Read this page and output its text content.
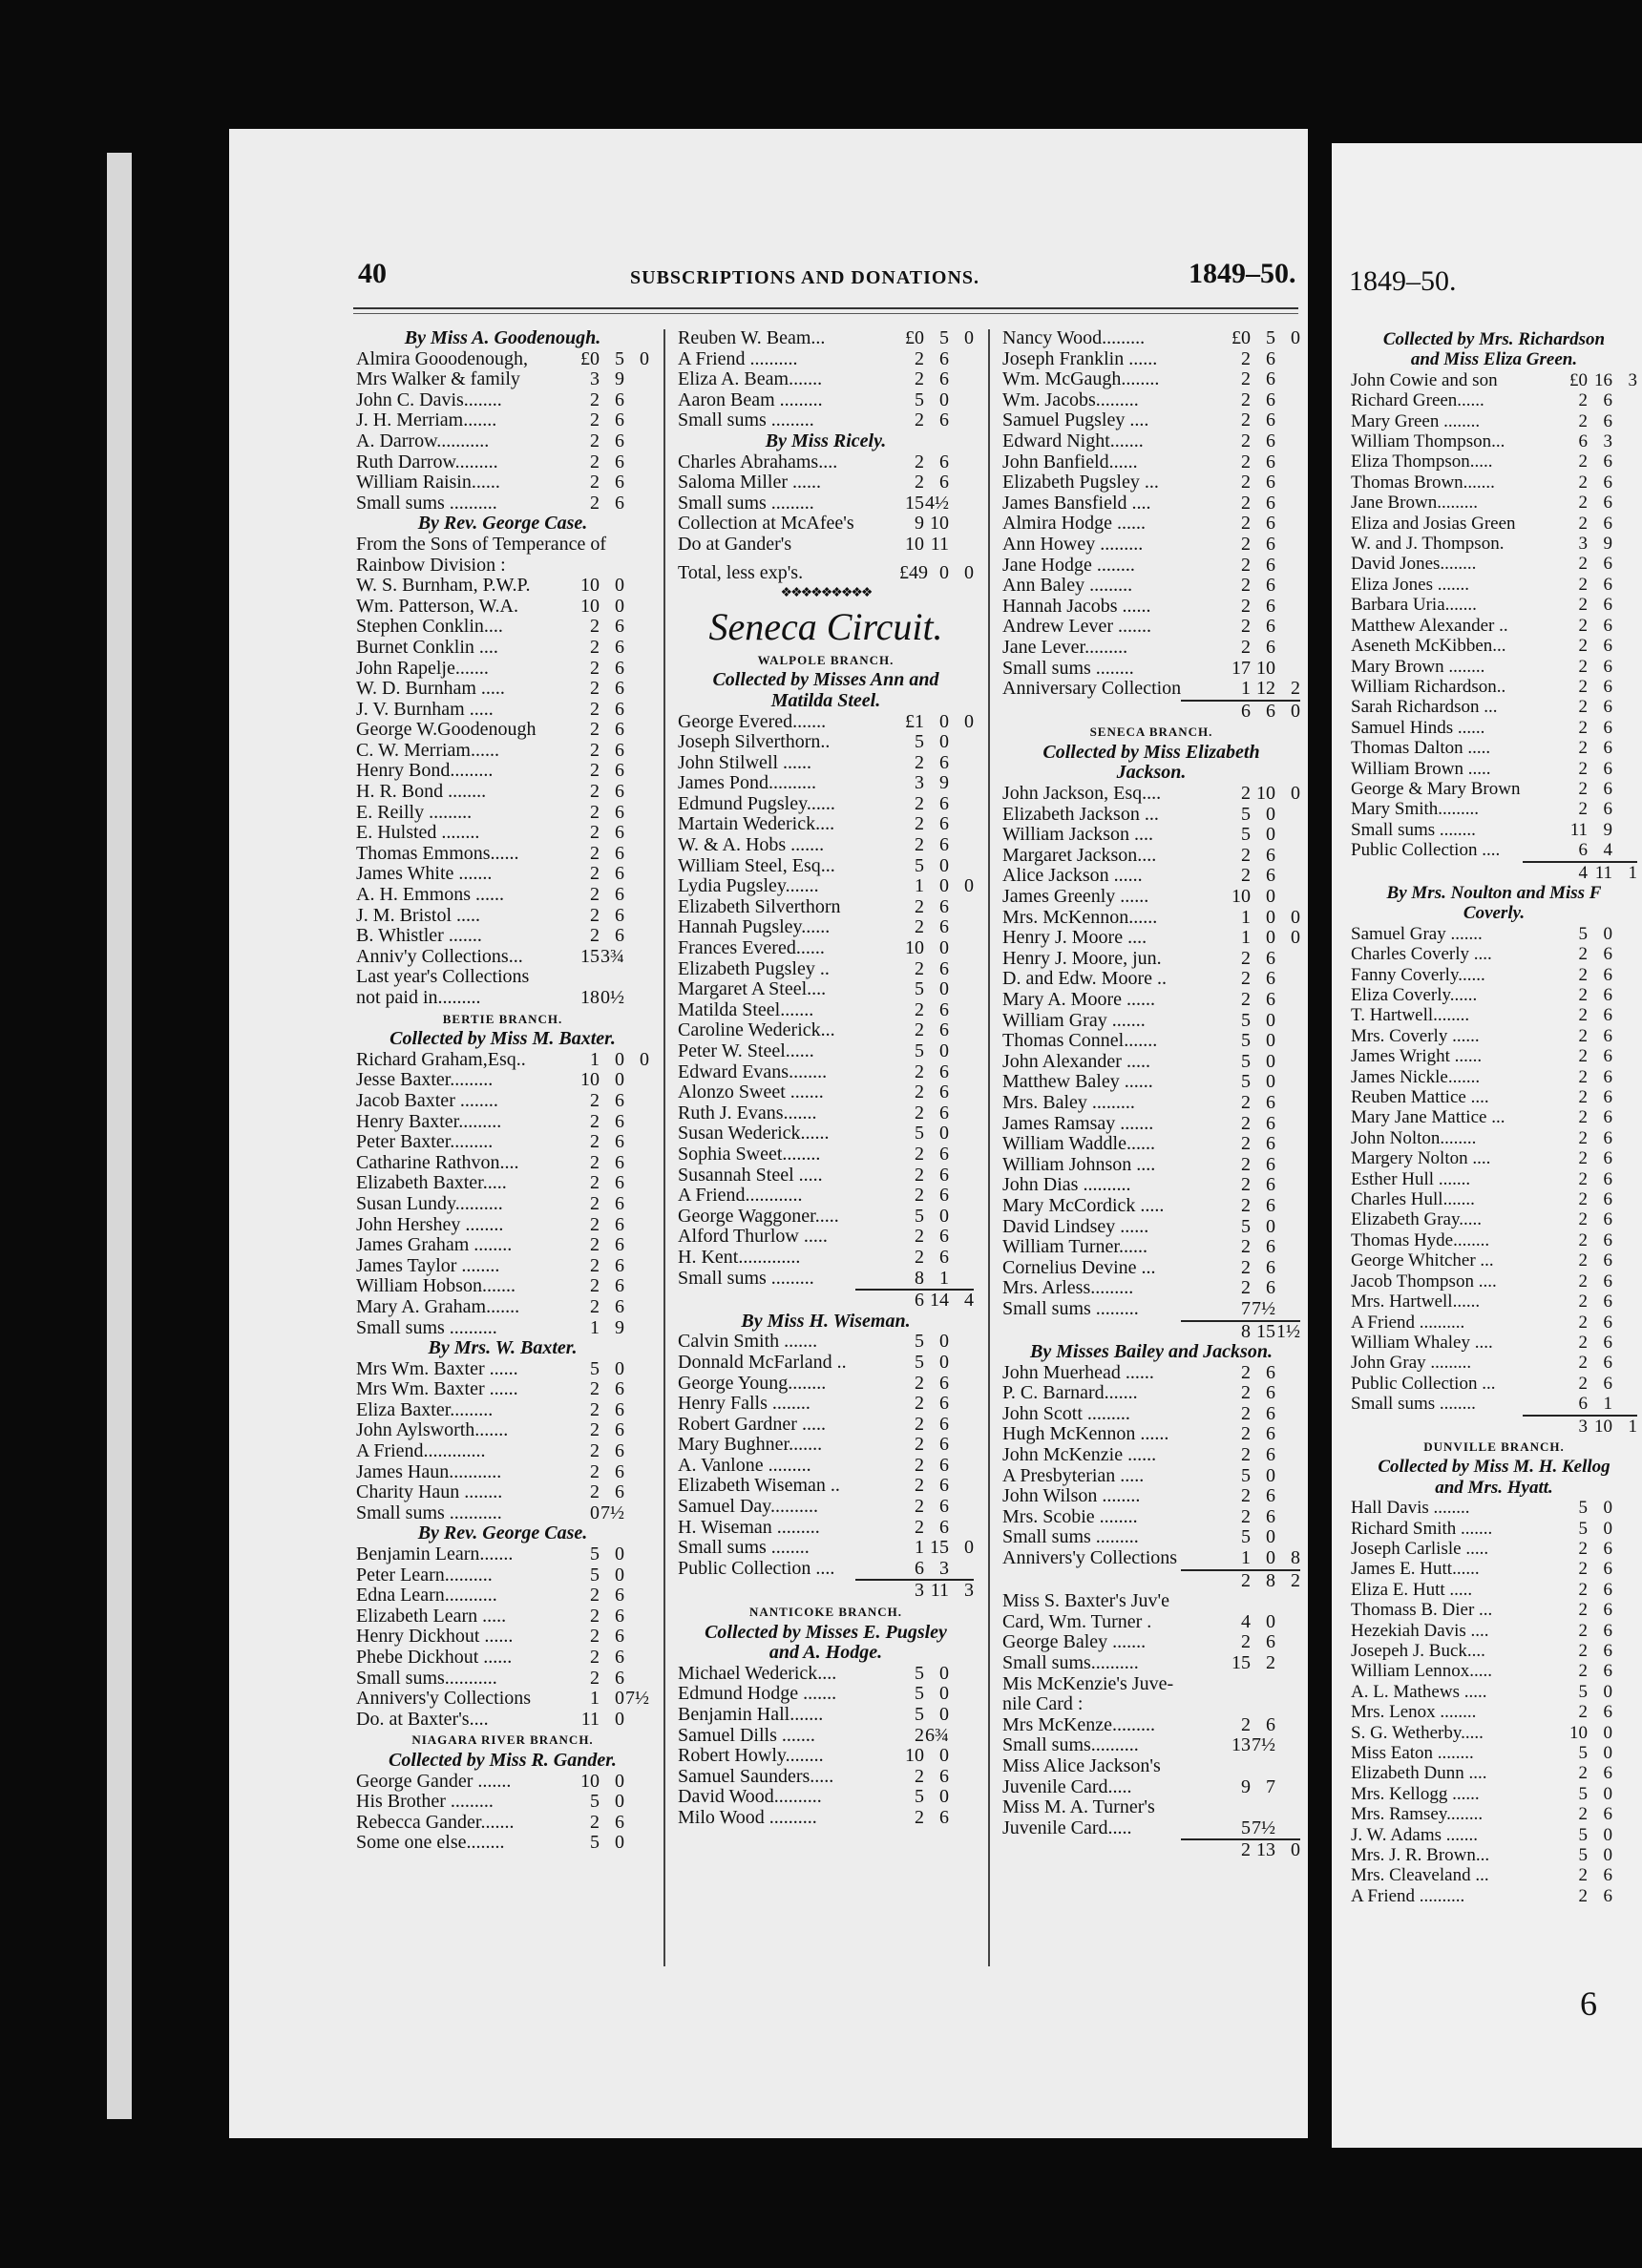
40	SUBSCRIPTIONS AND DONATIONS.	1849–50. 1849–50.
By Miss A. Goodenough.
Almira Gooodenough,	£0 5 0
Mrs Walker & family	3 9
John C. Davis........	2 6
J. H. Merriam.......	2 6
A. Darrow...........	2 6
Ruth Darrow.........	2 6
William Raisin......	2 6
Small sums ..........	2 6
By Rev. George Case.
From the Sons of Temperance of
Rainbow Division :
W. S. Burnham, P.W.P.	10 0
Wm. Patterson, W.A.	10 0
Stephen Conklin....	2 6
Burnet Conklin ....	2 6
John Rapelje.......	2 6
W. D. Burnham .....	2 6
J. V. Burnham .....	2 6
George W.Goodenough	2 6
C. W. Merriam......	2 6
Henry Bond.........	2 6
H. R. Bond ........	2 6
E. Reilly .........	2 6
E. Hulsted ........	2 6
Thomas Emmons......	2 6
James White .......	2 6
A. H. Emmons ......	2 6
J. M. Bristol .....	2 6
B. Whistler .......	2 6
Anniv'y Collections...	15 3¾
Last year's Collections
not paid in.........	18 0½
BERTIE BRANCH.
Collected by Miss M. Baxter.
Richard Graham,Esq..	1 0 0
Jesse Baxter.........	10 0
Jacob Baxter ........	2 6
Henry Baxter.........	2 6
Peter Baxter.........	2 6
Catharine Rathvon....	2 6
Elizabeth Baxter.....	2 6
Susan Lundy..........	2 6
John Hershey ........	2 6
James Graham ........	2 6
James Taylor ........	2 6
William Hobson.......	2 6
Mary A. Graham.......	2 6
Small sums ..........	1 9
By Mrs. W. Baxter.
Mrs Wm. Baxter ......	5 0
Mrs Wm. Baxter ......	2 6
Eliza Baxter.........	2 6
John Aylsworth.......	2 6
A Friend.............	2 6
James Haun...........	2 6
Charity Haun ........	2 6
Small sums ...........	0 7½
By Rev. George Case.
Benjamin Learn.......	5 0
Peter Learn..........	5 0
Edna Learn...........	2 6
Elizabeth Learn .....	2 6
Henry Dickhout ......	2 6
Phebe Dickhout ......	2 6
Small sums...........	2 6
Annivers'y Collections	1 0 7½
Do. at Baxter's....	11 0
NIAGARA RIVER BRANCH.
Collected by Miss R. Gander.
George Gander .......	10 0
His Brother .........	5 0
Rebecca Gander.......	2 6
Some one else........	5 0
Reuben W. Beam...	£0 5 0
A Friend ..........	2 6
Eliza A. Beam.......	2 6
Aaron Beam .........	5 0
Small sums .........	2 6
By Miss Ricely.
Charles Abrahams....	2 6
Saloma Miller ......	2 6
Small sums .........	15 4½
Collection at McAfee's	9 10
Do at Gander's	10 11
Total, less exp's.	£49 0 0
❖❖❖❖❖❖❖❖❖
Seneca Circuit.
WALPOLE BRANCH.
Collected by Misses Ann and
Matilda Steel.
George Evered.......	£1 0 0
Joseph Silverthorn..	5 0
John Stilwell ......	2 6
James Pond..........	3 9
Edmund Pugsley......	2 6
Martain Wederick....	2 6
W. & A. Hobs .......	2 6
William Steel, Esq...	5 0
Lydia Pugsley.......	1 0 0
Elizabeth Silverthorn	2 6
Hannah Pugsley......	2 6
Frances Evered......	10 0
Elizabeth Pugsley ..	2 6
Margaret A Steel....	5 0
Matilda Steel.......	2 6
Caroline Wederick...	2 6
Peter W. Steel......	5 0
Edward Evans........	2 6
Alonzo Sweet .......	2 6
Ruth J. Evans.......	2 6
Susan Wederick......	5 0
Sophia Sweet........	2 6
Susannah Steel .....	2 6
A Friend............	2 6
George Waggoner.....	5 0
Alford Thurlow .....	2 6
H. Kent.............	2 6
Small sums .........	8 1
6 14 4
By Miss H. Wiseman.
Calvin Smith .......	5 0
Donnald McFarland ..	5 0
George Young........	2 6
Henry Falls ........	2 6
Robert Gardner .....	2 6
Mary Bughner.......	2 6
A. Vanlone .........	2 6
Elizabeth Wiseman ..	2 6
Samuel Day..........	2 6
H. Wiseman .........	2 6
Small sums ........	1 15 0
Public Collection ....	6 3
3 11 3
NANTICOKE BRANCH.
Collected by Misses E. Pugsley
and A. Hodge.
Michael Wederick....	5 0
Edmund Hodge .......	5 0
Benjamin Hall.......	5 0
Samuel Dills .......	2 6¾
Robert Howly........	10 0
Samuel Saunders.....	2 6
David Wood..........	5 0
Milo Wood ..........	2 6
Nancy Wood.........	£0 5 0
Joseph Franklin ......	2 6
Wm. McGaugh........	2 6
Wm. Jacobs.........	2 6
Samuel Pugsley ....	2 6
Edward Night.......	2 6
John Banfield......	2 6
Elizabeth Pugsley ...	2 6
James Bansfield ....	2 6
Almira Hodge ......	2 6
Ann Howey .........	2 6
Jane Hodge ........	2 6
Ann Baley .........	2 6
Hannah Jacobs ......	2 6
Andrew Lever .......	2 6
Jane Lever.........	2 6
Small sums ........	17 10
Anniversary Collection	1 12 2
6 6 0
SENECA BRANCH.
Collected by Miss Elizabeth
Jackson.
John Jackson, Esq....	2 10 0
Elizabeth Jackson ...	5 0
William Jackson ....	5 0
Margaret Jackson....	2 6
Alice Jackson ......	2 6
James Greenly ......	10 0
Mrs. McKennon......	1 0 0
Henry J. Moore ....	1 0 0
Henry J. Moore, jun.	2 6
D. and Edw. Moore ..	2 6
Mary A. Moore ......	2 6
William Gray .......	5 0
Thomas Connel.......	5 0
John Alexander .....	5 0
Matthew Baley ......	5 0
Mrs. Baley .........	2 6
James Ramsay .......	2 6
William Waddle......	2 6
William Johnson ....	2 6
John Dias ..........	2 6
Mary McCordick .....	2 6
David Lindsey ......	5 0
William Turner......	2 6
Cornelius Devine ...	2 6
Mrs. Arless.........	2 6
Small sums .........	7 7½
8 15 1½
By Misses Bailey and Jackson.
John Muerhead ......	2 6
P. C. Barnard.......	2 6
John Scott .........	2 6
Hugh McKennon ......	2 6
John McKenzie ......	2 6
A Presbyterian .....	5 0
John Wilson ........	2 6
Mrs. Scobie ........	2 6
Small sums .........	5 0
Annivers'y Collections	1 0 8
2 8 2
Miss S. Baxter's Juv'e
Card, Wm. Turner .	4 0
George Baley .......	2 6
Small sums..........	15 2
Mis McKenzie's Juve-
nile Card :
Mrs McKenze.........	2 6
Small sums..........	13 7½
Miss Alice Jackson's
Juvenile Card.....	9 7
Miss M. A. Turner's
Juvenile Card.....	5 7½
2 13 0
Collected by Mrs. Richardson
and Miss Eliza Green.
John Cowie and son	£0 16 3
Richard Green......	2 6
Mary Green ........	2 6
William Thompson...	6 3
Eliza Thompson.....	2 6
Thomas Brown.......	2 6
Jane Brown.........	2 6
Eliza and Josias Green	2 6
W. and J. Thompson.	3 9
David Jones........	2 6
Eliza Jones .......	2 6
Barbara Uria.......	2 6
Matthew Alexander ..	2 6
Aseneth McKibben...	2 6
Mary Brown ........	2 6
William Richardson..	2 6
Sarah Richardson ...	2 6
Samuel Hinds ......	2 6
Thomas Dalton .....	2 6
William Brown .....	2 6
George & Mary Brown	2 6
Mary Smith.........	2 6
Small sums ........	11 9
Public Collection ....	6 4
4 11 1
By Mrs. Noulton and Miss F
Coverly.
Samuel Gray .......	5 0
Charles Coverly ....	2 6
Fanny Coverly......	2 6
Eliza Coverly......	2 6
T. Hartwell........	2 6
Mrs. Coverly ......	2 6
James Wright ......	2 6
James Nickle.......	2 6
Reuben Mattice ....	2 6
Mary Jane Mattice ...	2 6
John Nolton........	2 6
Margery Nolton ....	2 6
Esther Hull .......	2 6
Charles Hull.......	2 6
Elizabeth Gray.....	2 6
Thomas Hyde........	2 6
George Whitcher ...	2 6
Jacob Thompson ....	2 6
Mrs. Hartwell......	2 6
A Friend ..........	2 6
William Whaley ....	2 6
John Gray .........	2 6
Public Collection ...	2 6
Small sums ........	6 1
3 10 1
DUNVILLE BRANCH.
Collected by Miss M. H. Kellog
and Mrs. Hyatt.
Hall Davis ........	5 0
Richard Smith .......	5 0
Joseph Carlisle .....	2 6
James E. Hutt......	2 6
Eliza E. Hutt .....	2 6
Thomass B. Dier ...	2 6
Hezekiah Davis ....	2 6
Josepeh J. Buck....	2 6
William Lennox.....	2 6
A. L. Mathews .....	5 0
Mrs. Lenox ........	2 6
S. G. Wetherby.....	10 0
Miss Eaton ........	5 0
Elizabeth Dunn ....	2 6
Mrs. Kellogg ......	5 0
Mrs. Ramsey........	2 6
J. W. Adams .......	5 0
Mrs. J. R. Brown...	5 0
Mrs. Cleaveland ...	2 6
A Friend ..........	2 6
6
